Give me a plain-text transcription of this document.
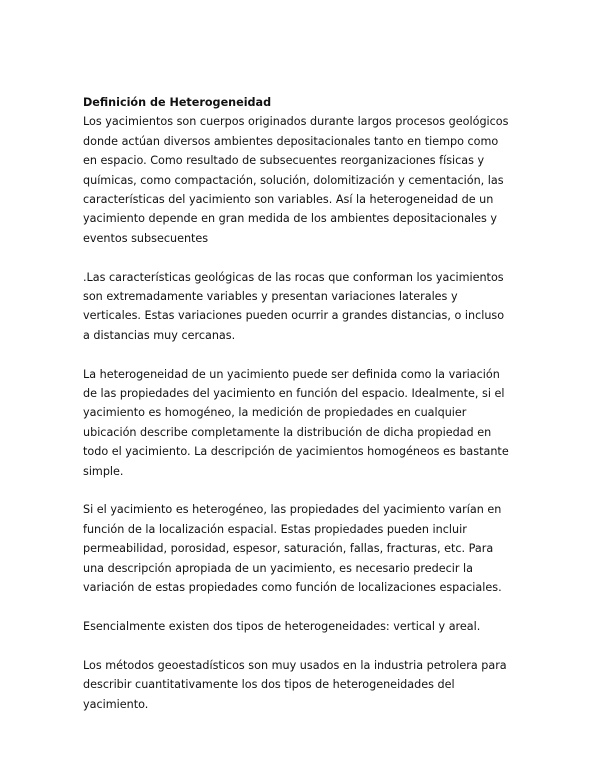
Definición de Heterogeneidad

Los yacimientos son cuerpos originados durante largos procesos geológicos
donde actúan diversos ambientes depositacionales tanto en tiempo como
en espacio. Como resultado de subsecuentes reorganizaciones físicas y
químicas, como compactación, solución, dolomitización y cementación, las
características del yacimiento son variables. Así la heterogeneidad de un
yacimiento depende en gran medida de los ambientes depositacionales y
eventos subsecuentes

.Las características geológicas de las rocas que conforman los yacimientos
son extremadamente variables y presentan variaciones laterales y
verticales. Estas variaciones pueden ocurrir a grandes distancias, o incluso
a distancias muy cercanas.

La heterogeneidad de un yacimiento puede ser definida como la variación
de las propiedades del yacimiento en función del espacio. Idealmente, si el
yacimiento es homogéneo, la medición de propiedades en cualquier
ubicación describe completamente la distribución de dicha propiedad en
todo el yacimiento. La descripción de yacimientos homogéneos es bastante
simple.

Si el yacimiento es heterogéneo, las propiedades del yacimiento varían en
función de la localización espacial. Estas propiedades pueden incluir
permeabilidad, porosidad, espesor, saturación, fallas, fracturas, etc. Para
una descripción apropiada de un yacimiento, es necesario predecir la
variación de estas propiedades como función de localizaciones espaciales.

Esencialmente existen dos tipos de heterogeneidades: vertical y areal.

Los métodos geoestadísticos son muy usados en la industria petrolera para
describir cuantitativamente los dos tipos de heterogeneidades del
yacimiento.
